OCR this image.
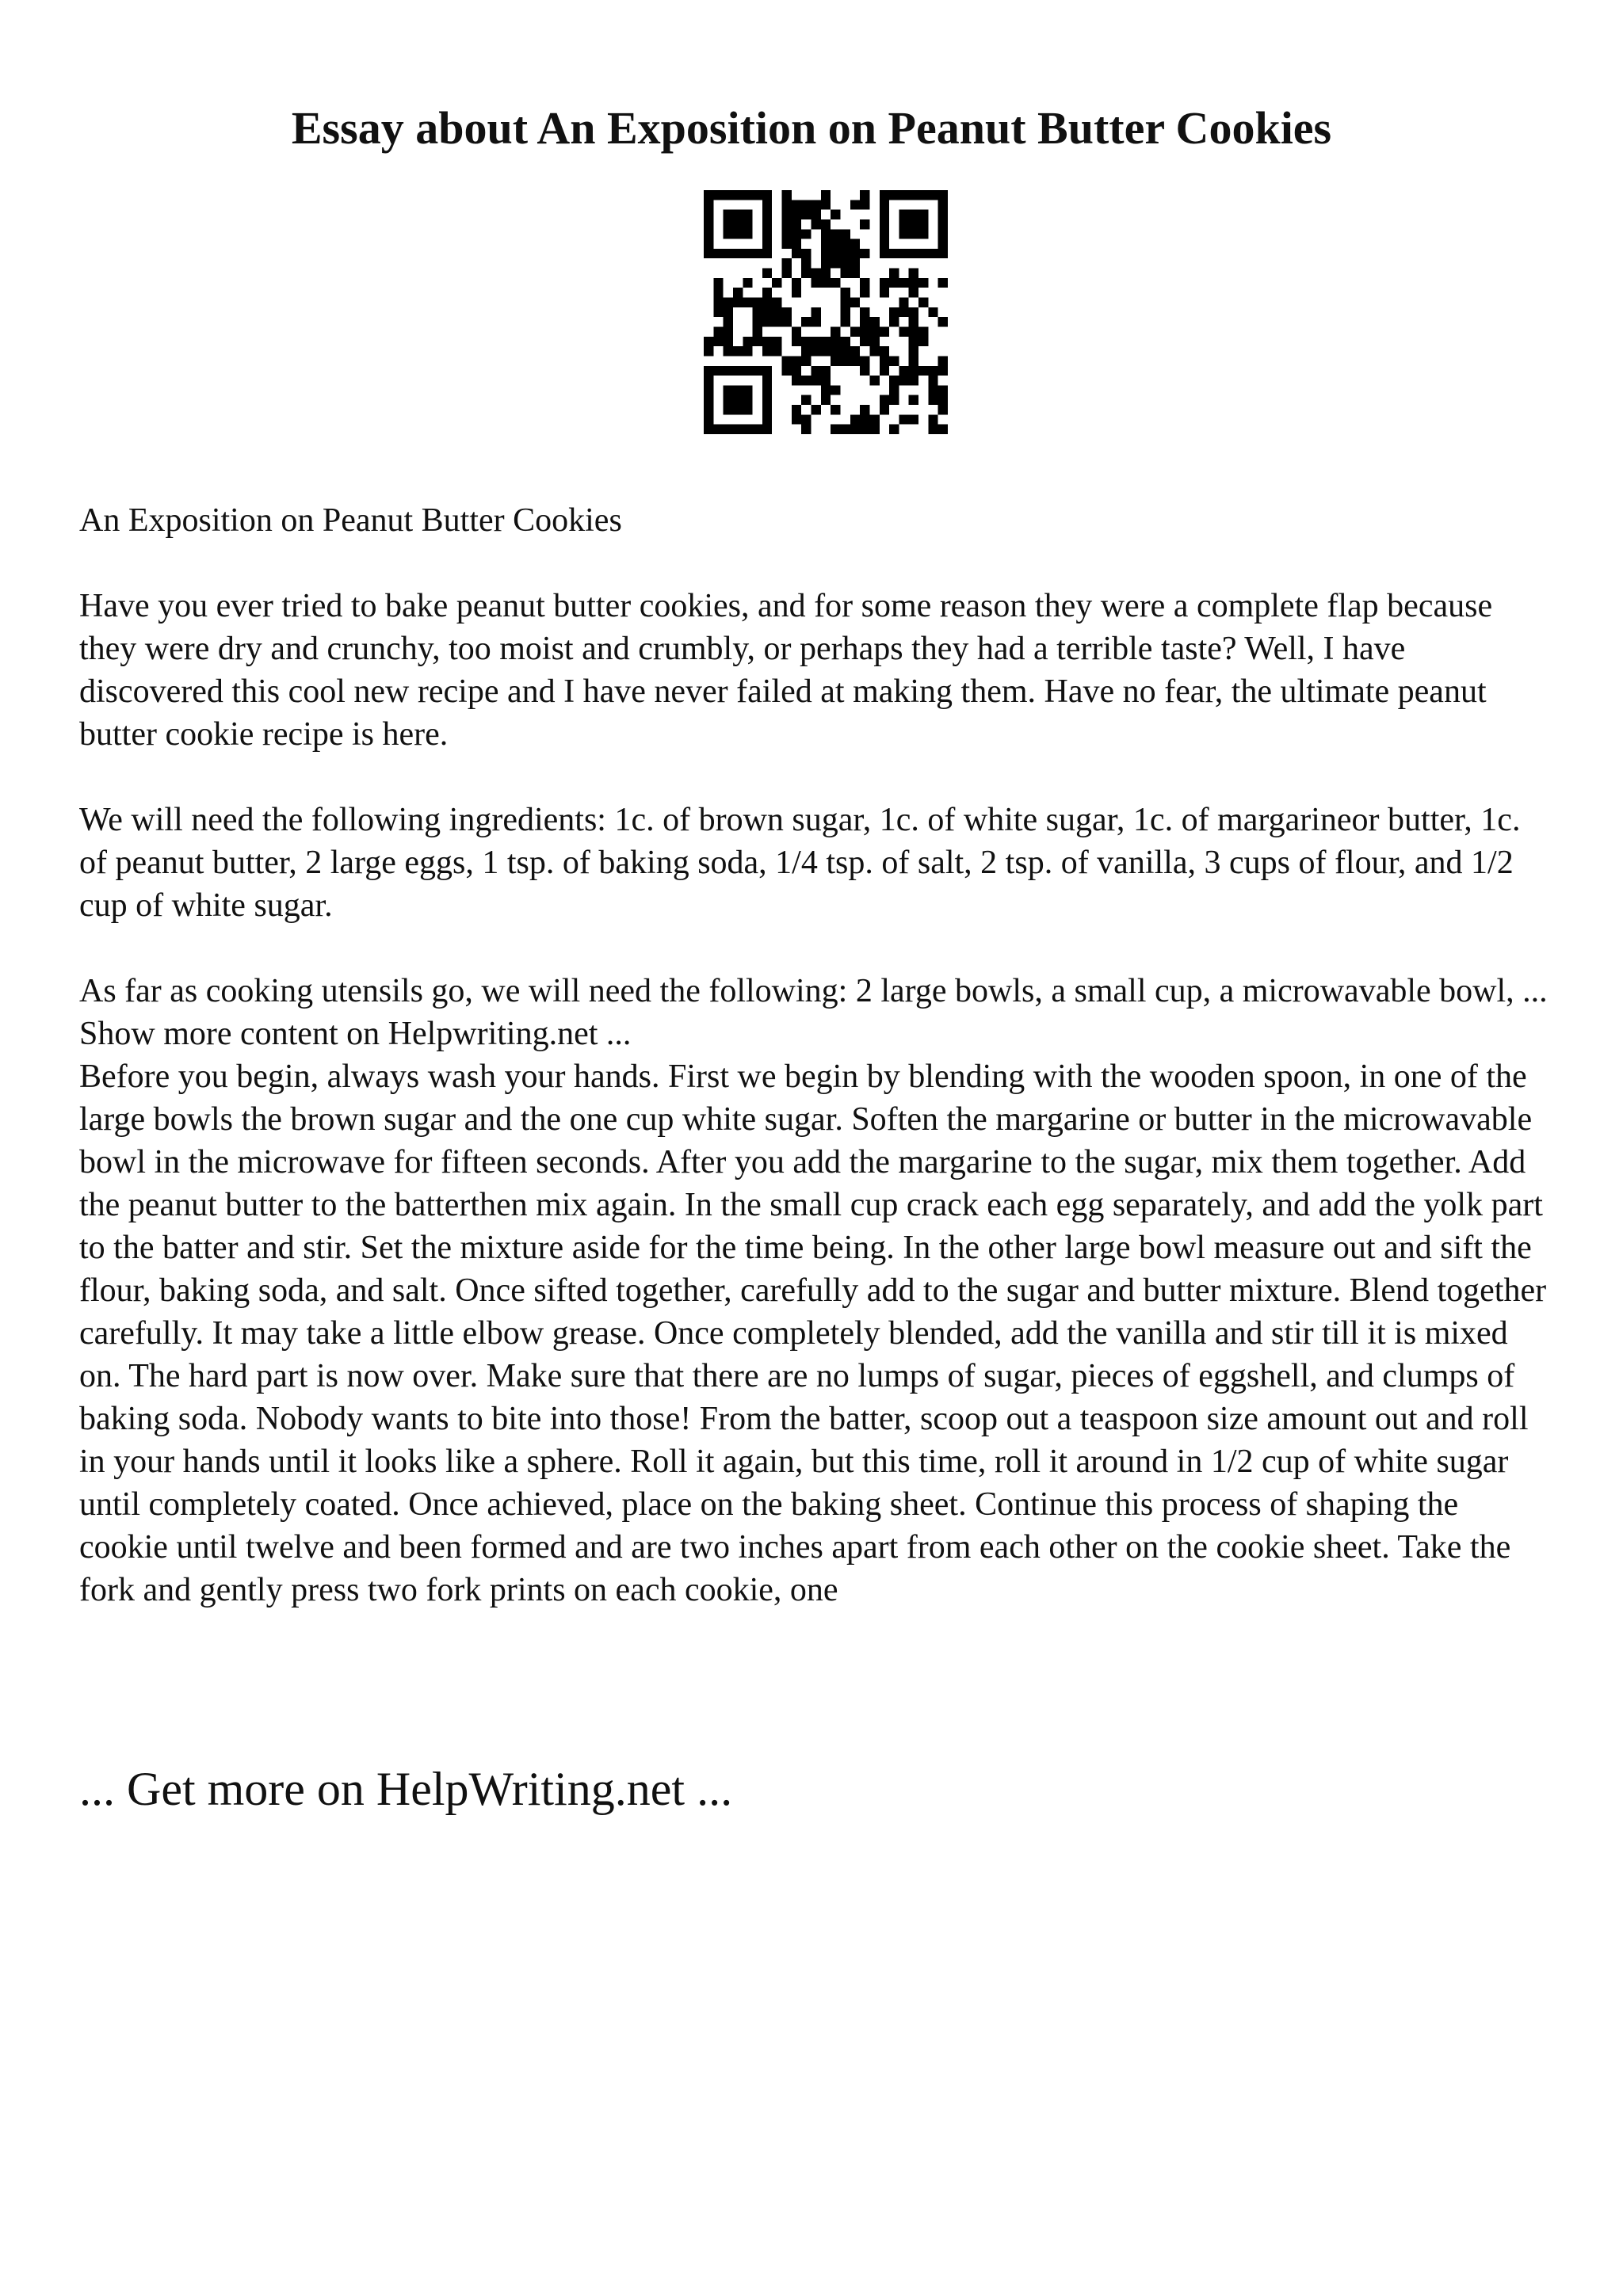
Essay about An Exposition on Peanut Butter Cookies

An Exposition on Peanut Butter Cookies

Have you ever tried to bake peanut butter cookies, and for some reason they were a complete flap because they were dry and crunchy, too moist and crumbly, or perhaps they had a terrible taste? Well, I have discovered this cool new recipe and I have never failed at making them. Have no fear, the ultimate peanut butter cookie recipe is here.

We will need the following ingredients: 1c. of brown sugar, 1c. of white sugar, 1c. of margarineor butter, 1c. of peanut butter, 2 large eggs, 1 tsp. of baking soda, 1/4 tsp. of salt, 2 tsp. of vanilla, 3 cups of flour, and 1/2 cup of white sugar.

As far as cooking utensils go, we will need the following: 2 large bowls, a small cup, a microwavable bowl, ... Show more content on Helpwriting.net ...

Before you begin, always wash your hands. First we begin by blending with the wooden spoon, in one of the large bowls the brown sugar and the one cup white sugar. Soften the margarine or butter in the microwavable bowl in the microwave for fifteen seconds. After you add the margarine to the sugar, mix them together. Add the peanut butter to the batterthen mix again. In the small cup crack each egg separately, and add the yolk part to the batter and stir. Set the mixture aside for the time being. In the other large bowl measure out and sift the flour, baking soda, and salt. Once sifted together, carefully add to the sugar and butter mixture. Blend together carefully. It may take a little elbow grease. Once completely blended, add the vanilla and stir till it is mixed on. The hard part is now over. Make sure that there are no lumps of sugar, pieces of eggshell, and clumps of baking soda. Nobody wants to bite into those! From the batter, scoop out a teaspoon size amount out and roll in your hands until it looks like a sphere. Roll it again, but this time, roll it around in 1/2 cup of white sugar until completely coated. Once achieved, place on the baking sheet. Continue this process of shaping the cookie until twelve and been formed and are two inches apart from each other on the cookie sheet. Take the fork and gently press two fork prints on each cookie, one

... Get more on HelpWriting.net ...
